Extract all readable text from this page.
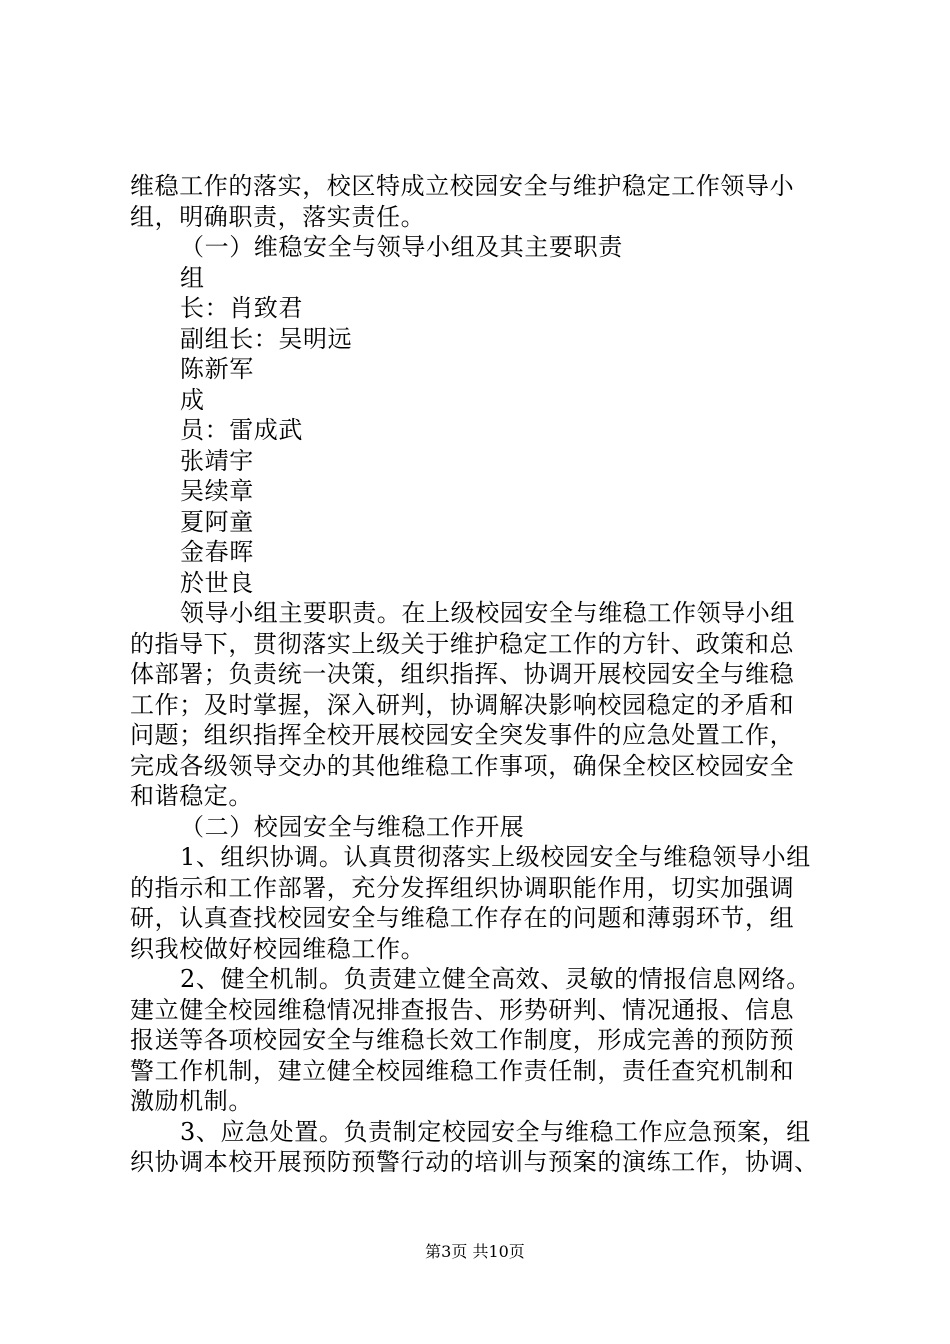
维稳工作的落实，校区特成立校园安全与维护稳定工作领导小
组，明确职责，落实责任。
（一）维稳安全与领导小组及其主要职责
组
长：肖致君
副组长：吴明远
陈新军
成
员：雷成武
张靖宇
吴续章
夏阿童
金春晖
於世良
领导小组主要职责。在上级校园安全与维稳工作领导小组
的指导下，贯彻落实上级关于维护稳定工作的方针、政策和总
体部署；负责统一决策，组织指挥、协调开展校园安全与维稳
工作；及时掌握，深入研判，协调解决影响校园稳定的矛盾和
问题；组织指挥全校开展校园安全突发事件的应急处置工作，
完成各级领导交办的其他维稳工作事项，确保全校区校园安全
和谐稳定。
（二）校园安全与维稳工作开展
1、组织协调。认真贯彻落实上级校园安全与维稳领导小组
的指示和工作部署，充分发挥组织协调职能作用，切实加强调
研，认真查找校园安全与维稳工作存在的问题和薄弱环节，组
织我校做好校园维稳工作。
2、健全机制。负责建立健全高效、灵敏的情报信息网络。
建立健全校园维稳情况排查报告、形势研判、情况通报、信息
报送等各项校园安全与维稳长效工作制度，形成完善的预防预
警工作机制，建立健全校园维稳工作责任制，责任查究机制和
激励机制。
3、应急处置。负责制定校园安全与维稳工作应急预案，组
织协调本校开展预防预警行动的培训与预案的演练工作，协调、
第3页 共10页
